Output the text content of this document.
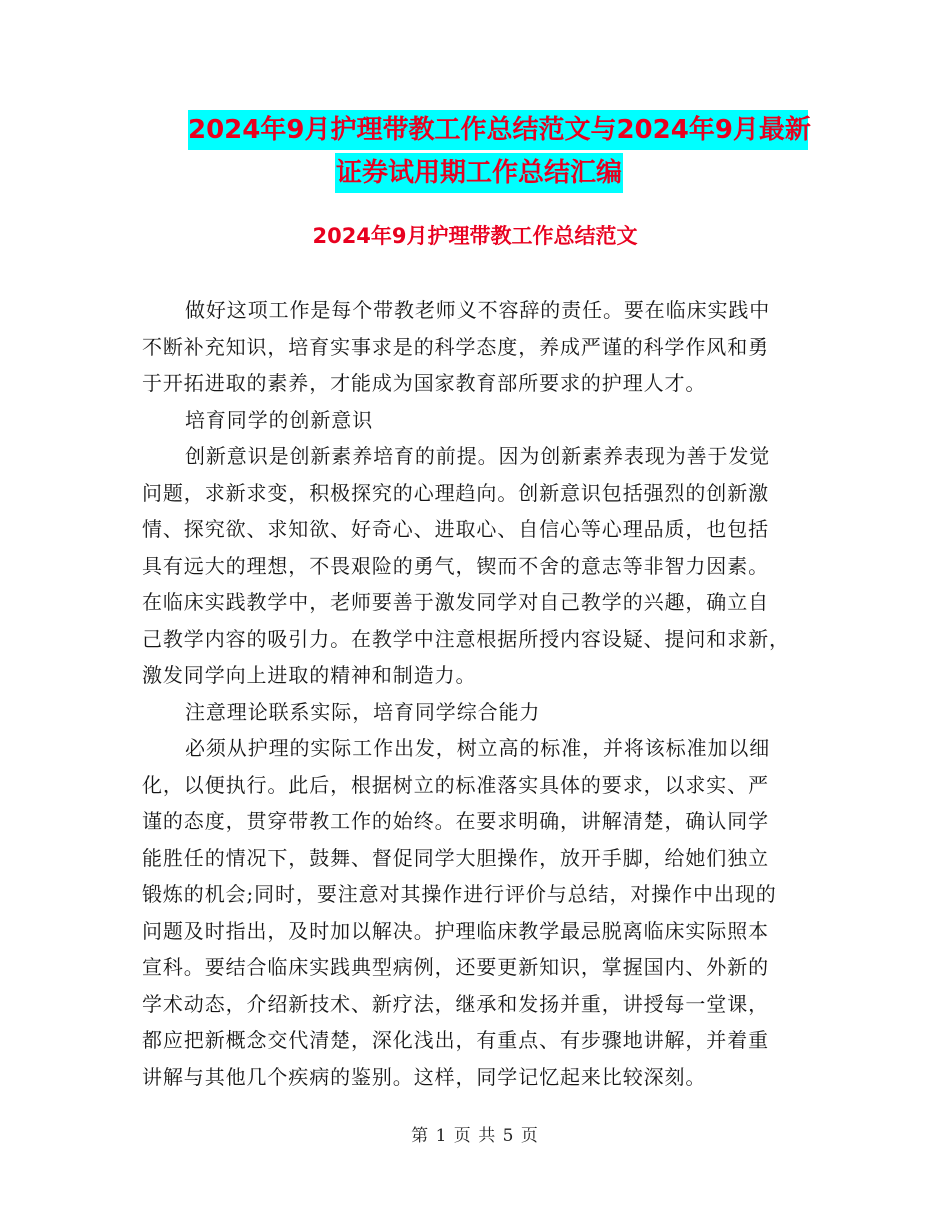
2024年9月护理带教工作总结范文与2024年9月最新
证券试用期工作总结汇编
2024年9月护理带教工作总结范文
做好这项工作是每个带教老师义不容辞的责任。要在临床实践中
不断补充知识，培育实事求是的科学态度，养成严谨的科学作风和勇
于开拓进取的素养，才能成为国家教育部所要求的护理人才。
培育同学的创新意识
创新意识是创新素养培育的前提。因为创新素养表现为善于发觉
问题，求新求变，积极探究的心理趋向。创新意识包括强烈的创新激
情、探究欲、求知欲、好奇心、进取心、自信心等心理品质，也包括
具有远大的理想，不畏艰险的勇气，锲而不舍的意志等非智力因素。
在临床实践教学中，老师要善于激发同学对自己教学的兴趣，确立自
己教学内容的吸引力。在教学中注意根据所授内容设疑、提问和求新，
激发同学向上进取的精神和制造力。
注意理论联系实际，培育同学综合能力
必须从护理的实际工作出发，树立高的标准，并将该标准加以细
化，以便执行。此后，根据树立的标准落实具体的要求，以求实、严
谨的态度，贯穿带教工作的始终。在要求明确，讲解清楚，确认同学
能胜任的情况下，鼓舞、督促同学大胆操作，放开手脚，给她们独立
锻炼的机会;同时，要注意对其操作进行评价与总结，对操作中出现的
问题及时指出，及时加以解决。护理临床教学最忌脱离临床实际照本
宣科。要结合临床实践典型病例，还要更新知识，掌握国内、外新的
学术动态，介绍新技术、新疗法，继承和发扬并重，讲授每一堂课，
都应把新概念交代清楚，深化浅出，有重点、有步骤地讲解，并着重
讲解与其他几个疾病的鉴别。这样，同学记忆起来比较深刻。
第 1 页 共 5 页
